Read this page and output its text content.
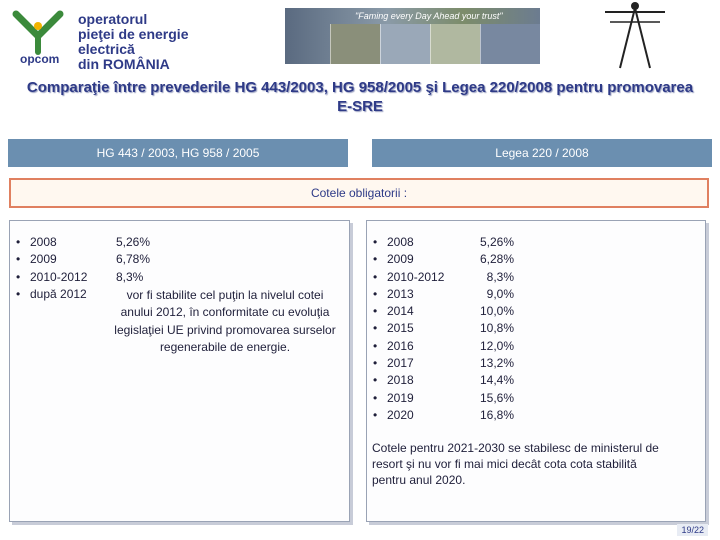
operatorul
pieţei de energie
electrică
din ROMÂNIA
opcom
"Faming every Day Ahead your trust"
Comparaţie între prevederile HG 443/2003, HG 958/2005 şi Legea 220/2008 pentru promovarea E-SRE
HG 443 / 2003, HG 958 / 2005	Legea 220 / 2008
Cotele obligatorii :
• 2008
• 2009
• 2010-2012
• după 2012
5,26%
6,78%
8,3%
vor fi stabilite cel puţin la nivelul cotei anului 2012, în conformitate cu evoluţia legislaţiei UE privind promovarea surselor regenerabile de energie.
• 2008
• 2009
• 2010-2012
• 2013
• 2014
• 2015
• 2016
• 2017
• 2018
• 2019
• 2020
5,26%
6,28%
8,3%
9,0%
10,0%
10,8%
12,0%
13,2%
14,4%
15,6%
16,8%
Cotele pentru 2021-2030 se stabilesc de ministerul de resort şi nu vor fi mai mici decât cota cota stabilită pentru anul 2020.
19/22
